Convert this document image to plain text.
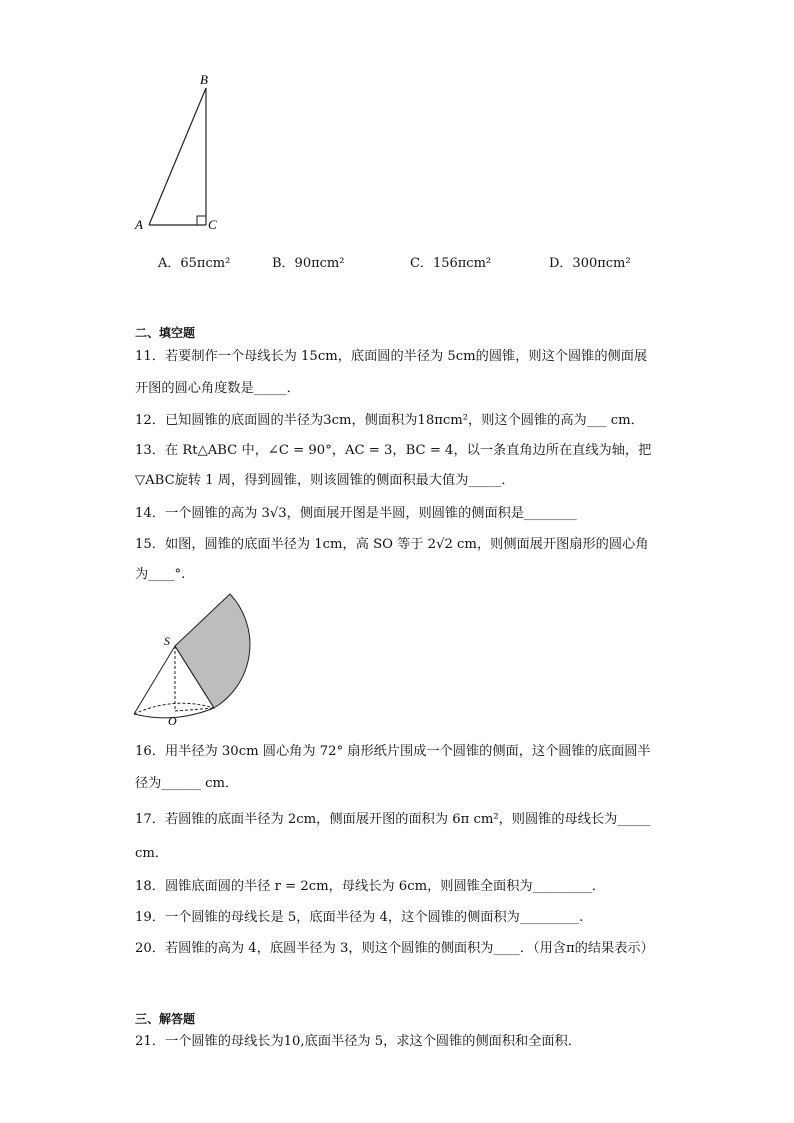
A
B
C
A．65πcm²	B．90πcm²	C．156πcm²	D．300πcm²
二、填空题
11．若要制作一个母线长为 15cm，底面圆的半径为 5cm的圆锥，则这个圆锥的侧面展
开图的圆心角度数是_____．
12．已知圆锥的底面圆的半径为3cm，侧面积为18πcm²，则这个圆锥的高为___ cm．
13．在 Rt△ABC 中，∠C = 90°，AC = 3，BC = 4，以一条直角边所在直线为轴，把
▽ABC旋转 1 周，得到圆锥，则该圆锥的侧面积最大值为_____．
14．一个圆锥的高为 3√3，侧面展开图是半圆，则圆锥的侧面积是________
15．如图，圆锥的底面半径为 1cm，高 SO 等于 2√2 cm，则侧面展开图扇形的圆心角
为____°.
S
O
16．用半径为 30cm 圆心角为 72° 扇形纸片围成一个圆锥的侧面，这个圆锥的底面圆半
径为______ cm．
17．若圆锥的底面半径为 2cm，侧面展开图的面积为 6π cm²，则圆锥的母线长为_____
cm．
18．圆锥底面圆的半径 r = 2cm，母线长为 6cm，则圆锥全面积为_________．
19．一个圆锥的母线长是 5，底面半径为 4，这个圆锥的侧面积为_________.
20．若圆锥的高为 4，底圆半径为 3，则这个圆锥的侧面积为____．（用含π的结果表示）
三、解答题
21．一个圆锥的母线长为10,底面半径为 5，求这个圆锥的侧面积和全面积．
